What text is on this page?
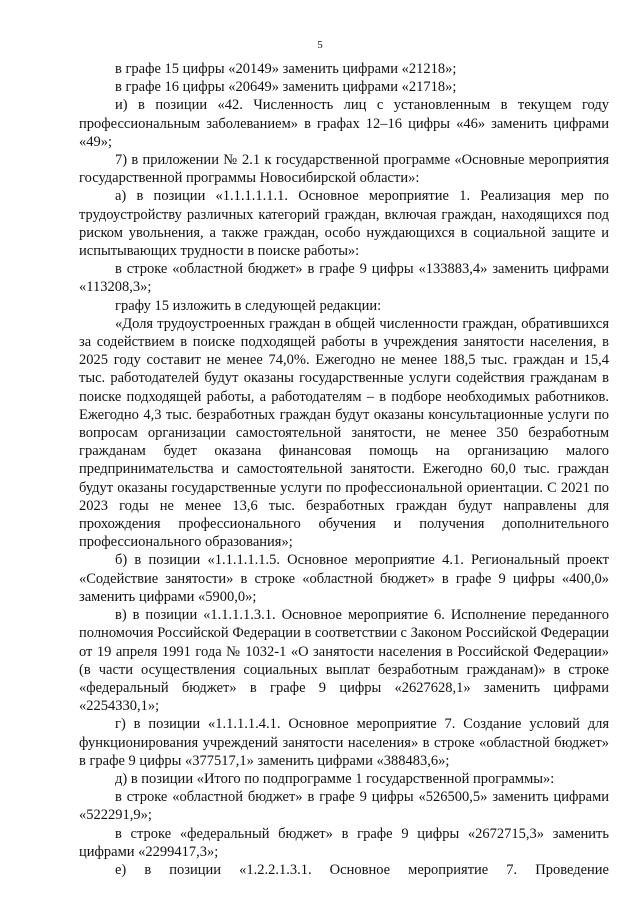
5

в графе 15 цифры «20149» заменить цифрами «21218»;

в графе 16 цифры «20649» заменить цифрами «21718»;

и) в позиции «42. Численность лиц с установленным в текущем году профессиональным заболеванием» в графах 12–16 цифры «46» заменить цифрами «49»;

7) в приложении № 2.1 к государственной программе «Основные мероприятия государственной программы Новосибирской области»:

а) в позиции «1.1.1.1.1.1. Основное мероприятие 1. Реализация мер по трудоустройству различных категорий граждан, включая граждан, находящихся под риском увольнения, а также граждан, особо нуждающихся в социальной защите и испытывающих трудности в поиске работы»:

в строке «областной бюджет» в графе 9 цифры «133883,4» заменить цифрами «113208,3»;

графу 15 изложить в следующей редакции:

«Доля трудоустроенных граждан в общей численности граждан, обратившихся за содействием в поиске подходящей работы в учреждения занятости населения, в 2025 году составит не менее 74,0%. Ежегодно не менее 188,5 тыс. граждан и 15,4 тыс. работодателей будут оказаны государственные услуги содействия гражданам в поиске подходящей работы, а работодателям – в подборе необходимых работников. Ежегодно 4,3 тыс. безработных граждан будут оказаны консультационные услуги по вопросам организации самостоятельной занятости, не менее 350 безработным гражданам будет оказана финансовая помощь на организацию малого предпринимательства и самостоятельной занятости. Ежегодно 60,0 тыс. граждан будут оказаны государственные услуги по профессиональной ориентации. С 2021 по 2023 годы не менее 13,6 тыс. безработных граждан будут направлены для прохождения профессионального обучения и получения дополнительного профессионального образования»;

б) в позиции «1.1.1.1.1.5. Основное мероприятие 4.1. Региональный проект «Содействие занятости» в строке «областной бюджет» в графе 9 цифры «400,0» заменить цифрами «5900,0»;

в) в позиции «1.1.1.1.3.1. Основное мероприятие 6. Исполнение переданного полномочия Российской Федерации в соответствии с Законом Российской Федерации от 19 апреля 1991 года № 1032-1 «О занятости населения в Российской Федерации» (в части осуществления социальных выплат безработным гражданам)» в строке «федеральный бюджет» в графе 9 цифры «2627628,1» заменить цифрами «2254330,1»;

г) в позиции «1.1.1.1.4.1. Основное мероприятие 7. Создание условий для функционирования учреждений занятости населения» в строке «областной бюджет» в графе 9 цифры «377517,1» заменить цифрами «388483,6»;

д) в позиции «Итого по подпрограмме 1 государственной программы»:

в строке «областной бюджет» в графе 9 цифры «526500,5» заменить цифрами «522291,9»;

в строке «федеральный бюджет» в графе 9 цифры «2672715,3» заменить цифрами «2299417,3»;

е) в позиции «1.2.2.1.3.1. Основное мероприятие 7. Проведение
